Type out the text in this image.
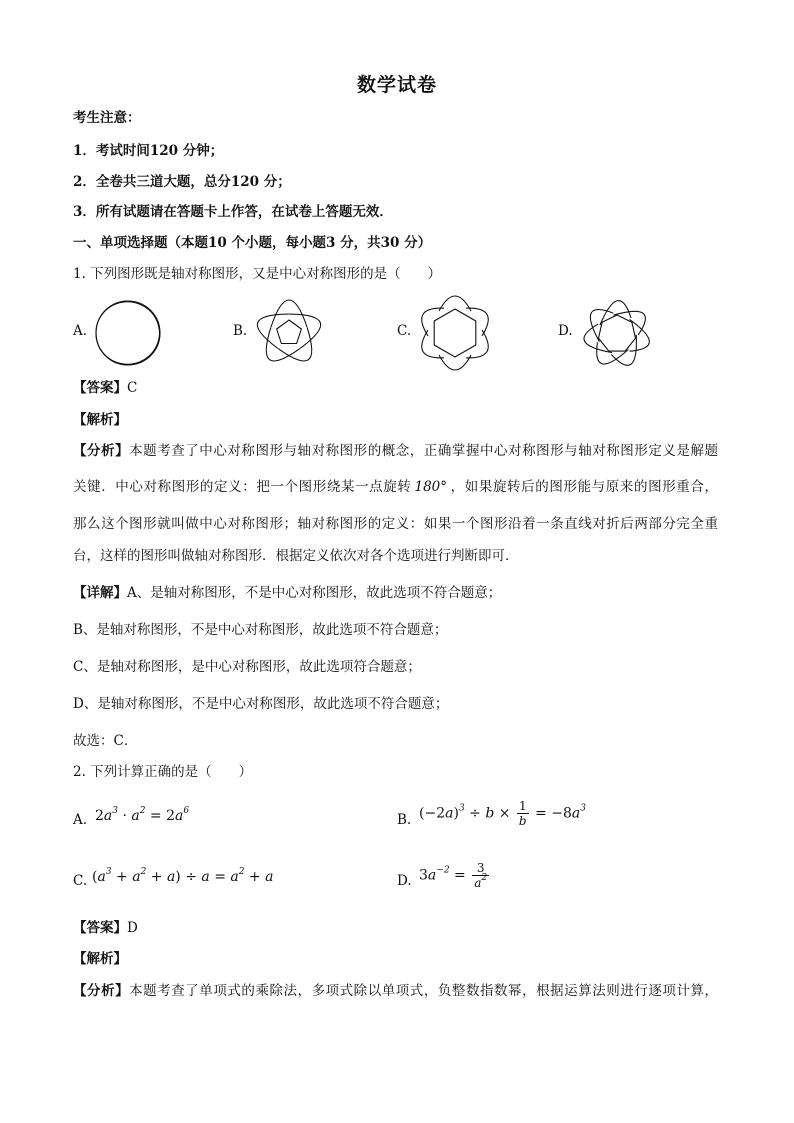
数学试卷
考生注意：
1．考试时间120 分钟；
2．全卷共三道大题，总分120 分；
3．所有试题请在答题卡上作答，在试卷上答题无效．
一、单项选择题（本题10 个小题，每小题3 分，共30 分）
1. 下列图形既是轴对称图形，又是中心对称图形的是（　　）
A.	B.	C.	D.
【答案】C
【解析】
【分析】本题考查了中心对称图形与轴对称图形的概念，正确掌握中心对称图形与轴对称图形定义是解题
关键．中心对称图形的定义：把一个图形绕某一点旋转 180° ，如果旋转后的图形能与原来的图形重合，
那么这个图形就叫做中心对称图形；轴对称图形的定义：如果一个图形沿着一条直线对折后两部分完全重
台，这样的图形叫做轴对称图形．根据定义依次对各个选项进行判断即可．
【详解】A、是轴对称图形，不是中心对称图形，故此选项不符合题意；
B、是轴对称图形，不是中心对称图形，故此选项不符合题意；
C、是轴对称图形，是中心对称图形，故此选项符合题意；
D、是轴对称图形，不是中心对称图形，故此选项不符合题意；
故选：C．
2. 下列计算正确的是（　　）
A. $2a^3 \cdot a^2 = 2a^6$
B. $(-2a)^3 \div b \times \frac{1}{b} = -8a^3$
C. $(a^3 + a^2 + a) \div a = a^2 + a$	D. $3a^{-2} = \frac{3}{a^2}$
【答案】D
【解析】
【分析】本题考查了单项式的乘除法，多项式除以单项式，负整数指数幂，根据运算法则进行逐项计算，
